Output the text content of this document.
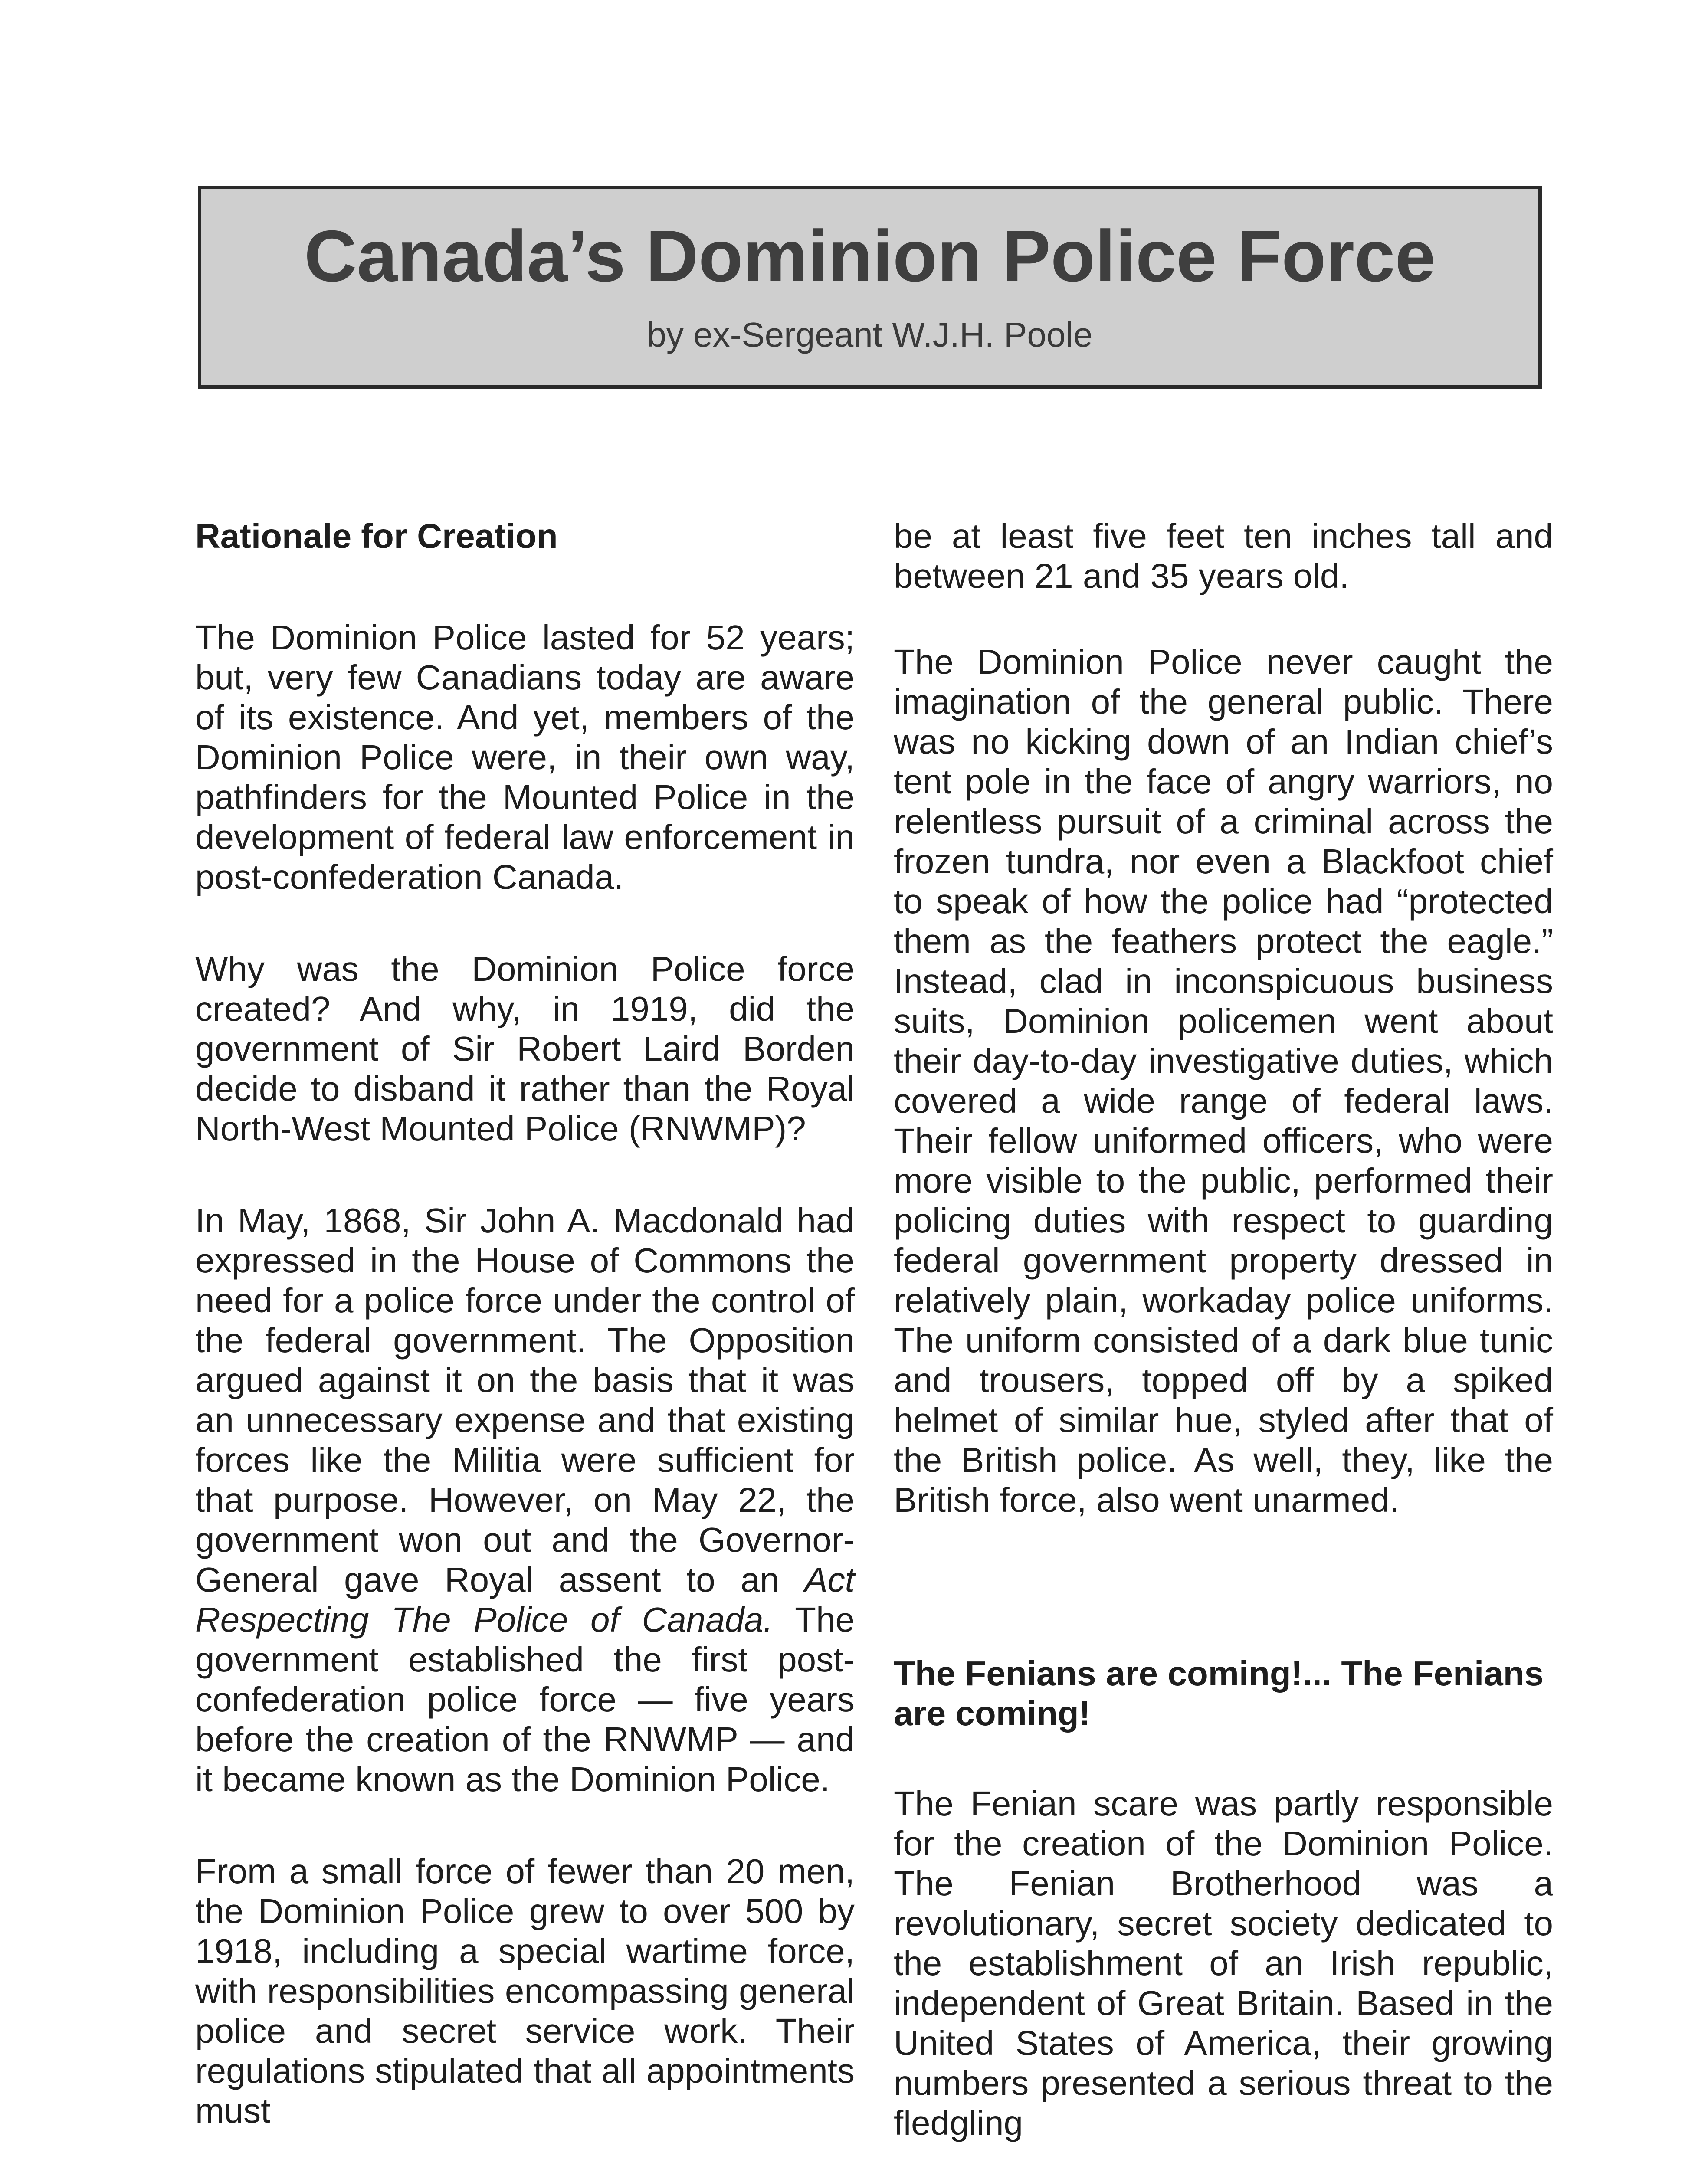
Canada’s Dominion Police Force
by ex-Sergeant W.J.H. Poole

Rationale for Creation

The Dominion Police lasted for 52 years; but, very few Canadians today are aware of its existence. And yet, members of the Dominion Police were, in their own way, pathfinders for the Mounted Police in the development of federal law enforcement in post-confederation Canada.

Why was the Dominion Police force created? And why, in 1919, did the government of Sir Robert Laird Borden decide to disband it rather than the Royal North-West Mounted Police (RNWMP)?

In May, 1868, Sir John A. Macdonald had expressed in the House of Commons the need for a police force under the control of the federal government. The Opposition argued against it on the basis that it was an unnecessary expense and that existing forces like the Militia were sufficient for that purpose. However, on May 22, the government won out and the Governor-General gave Royal assent to an Act Respecting The Police of Canada. The government established the first post-confederation police force — five years before the creation of the RNWMP — and it became known as the Dominion Police.

From a small force of fewer than 20 men, the Dominion Police grew to over 500 by 1918, including a special wartime force, with responsibilities encompassing general police and secret service work. Their regulations stipulated that all appointments must

be at least five feet ten inches tall and between 21 and 35 years old.

The Dominion Police never caught the imagination of the general public. There was no kicking down of an Indian chief’s tent pole in the face of angry warriors, no relentless pursuit of a criminal across the frozen tundra, nor even a Blackfoot chief to speak of how the police had “protected them as the feathers protect the eagle.” Instead, clad in inconspicuous business suits, Dominion policemen went about their day-to-day investigative duties, which covered a wide range of federal laws. Their fellow uniformed officers, who were more visible to the public, performed their policing duties with respect to guarding federal government property dressed in relatively plain, workaday police uniforms. The uniform consisted of a dark blue tunic and trousers, topped off by a spiked helmet of similar hue, styled after that of the British police. As well, they, like the British force, also went unarmed.

The Fenians are coming!... The Fenians are coming!

The Fenian scare was partly responsible for the creation of the Dominion Police. The Fenian Brotherhood was a revolutionary, secret society dedicated to the establishment of an Irish republic, independent of Great Britain. Based in the United States of America, their growing numbers presented a serious threat to the fledgling
